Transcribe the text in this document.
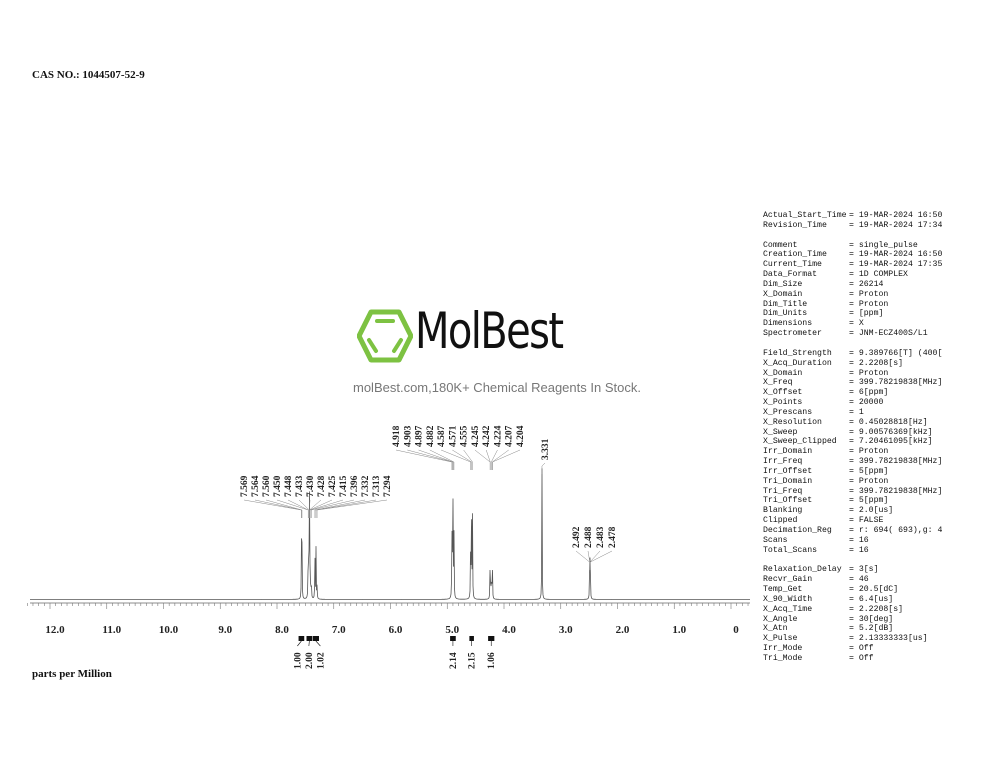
CAS NO.: 1044507-52-9
MolBest
molBest.com,180K+ Chemical Reagents In Stock.
12.0	11.0	10.0	9.0	8.0	7.0	6.0	5.0	4.0	3.0	2.0	1.0	0
7.569 7.564 7.560 7.450 7.448 7.433 7.430 7.428 7.425 7.415 7.396 7.332 7.313 7.294
4.918 4.903 4.897 4.882 4.587 4.571 4.555 4.245 4.242 4.224 4.207 4.204
3.331
2.492 2.488 2.483 2.478
1.00 2.00 1.02	2.14 2.15 1.06
parts per Million
Actual_Start_Time = 19-MAR-2024 16:50
Revision_Time	= 19-MAR-2024 17:34
Comment	= single_pulse
Creation_Time	= 19-MAR-2024 16:50
Current_Time	= 19-MAR-2024 17:35
Data_Format	= 1D COMPLEX
Dim_Size	= 26214
X_Domain	= Proton
Dim_Title	= Proton
Dim_Units	= [ppm]
Dimensions	= X
Spectrometer	= JNM-ECZ400S/L1
Field_Strength = 9.389766[T] (400[
X_Acq_Duration = 2.2208[s]
X_Domain	= Proton
X_Freq	= 399.78219838[MHz]
X_Offset	= 6[ppm]
X_Points	= 20000
X_Prescans	= 1
X_Resolution	= 0.45028818[Hz]
X_Sweep	= 9.00576369[kHz]
X_Sweep_Clipped = 7.20461095[kHz]
Irr_Domain	= Proton
Irr_Freq	= 399.78219838[MHz]
Irr_Offset	= 5[ppm]
Tri_Domain	= Proton
Tri_Freq	= 399.78219838[MHz]
Tri_Offset	= 5[ppm]
Blanking	= 2.0[us]
Clipped	= FALSE
Decimation_Reg = r: 694( 693),g: 4
Scans	= 16
Total_Scans	= 16
Relaxation_Delay = 3[s]
Recvr_Gain	= 46
Temp_Get	= 20.5[dC]
X_90_Width	= 6.4[us]
X_Acq_Time	= 2.2208[s]
X_Angle	= 30[deg]
X_Atn	= 5.2[dB]
X_Pulse	= 2.13333333[us]
Irr_Mode	= Off
Tri_Mode	= Off
